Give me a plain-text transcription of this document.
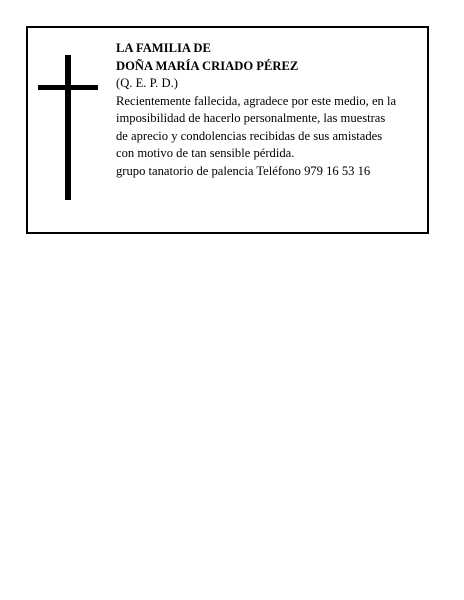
LA FAMILIA DE
DOÑA MARÍA CRIADO PÉREZ
(Q. E. P. D.)
Recientemente fallecida, agradece por este medio, en la
imposibilidad de hacerlo personalmente, las muestras
de aprecio y condolencias recibidas de sus amistades
con motivo de tan sensible pérdida.
grupo tanatorio de palencia Teléfono 979 16 53 16
